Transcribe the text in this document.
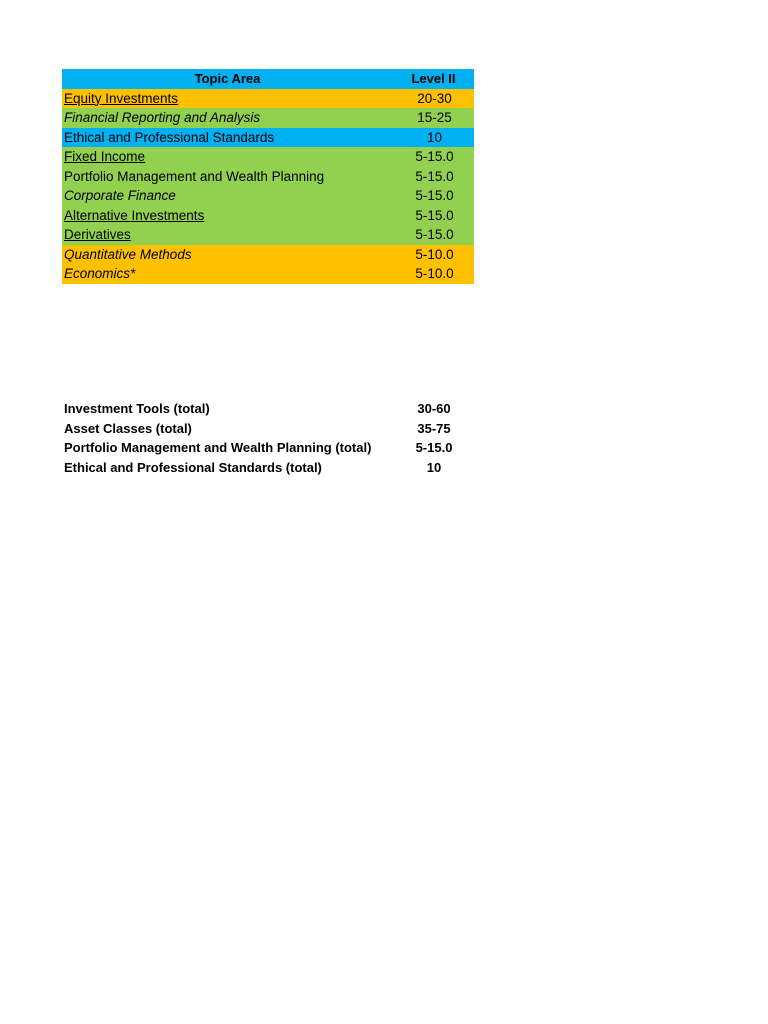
Topic Area	Level II
Equity Investments	20-30
Financial Reporting and Analysis	15-25
Ethical and Professional Standards	10
Fixed Income	5-15.0
Portfolio Management and Wealth Planning	5-15.0
Corporate Finance	5-15.0
Alternative Investments	5-15.0
Derivatives	5-15.0
Quantitative Methods	5-10.0
Economics*	5-10.0
Investment Tools (total)	30-60
Asset Classes (total)	35-75
Portfolio Management and Wealth Planning (total)	5-15.0
Ethical and Professional Standards (total)	10
